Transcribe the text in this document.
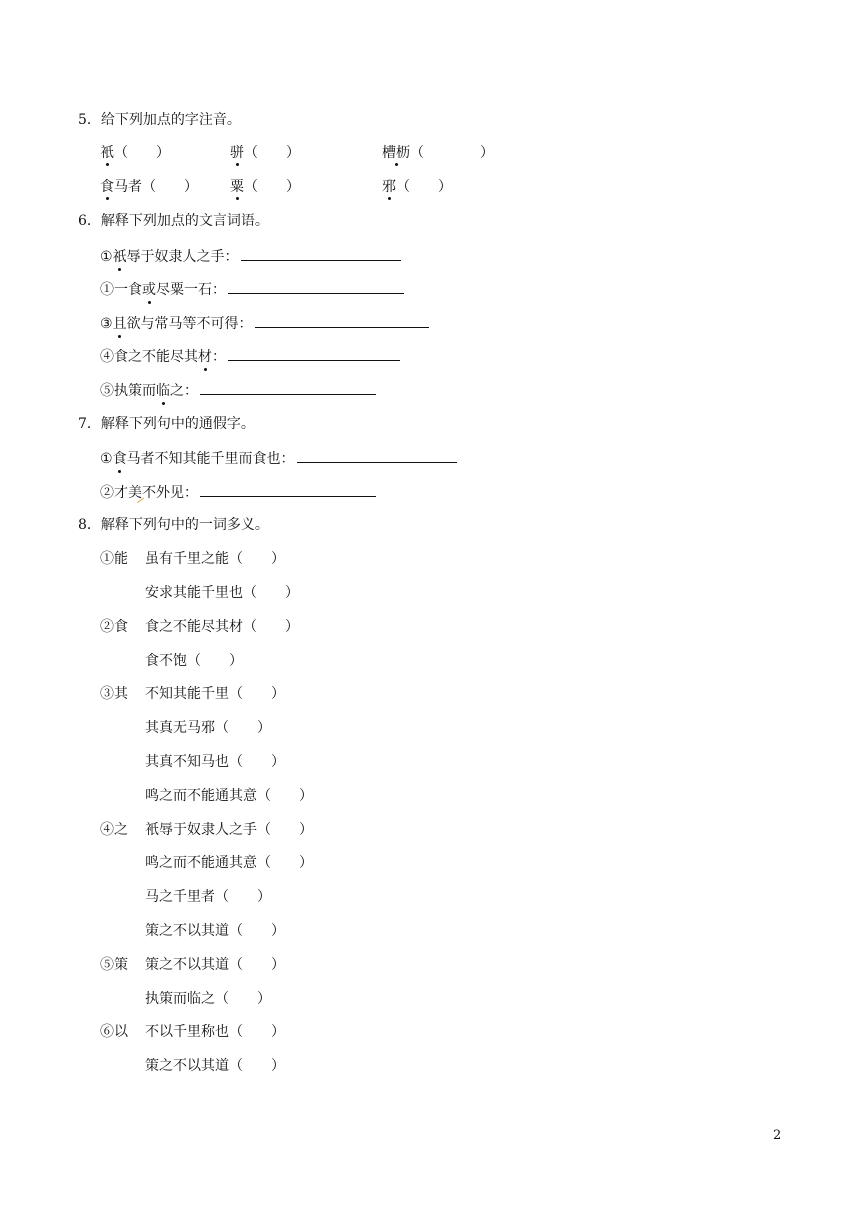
5．给下列加点的字注音。
衹（　　）	骈（　　）	槽枥（　　　　）
食马者（　　） 粟（　　）	邪（　　）
6．解释下列加点的文言词语。
①祇辱于奴隶人之手：
①一食或尽粟一石：
③且欲与常马等不可得：
④食之不能尽其材：
⑤执策而临之：
7．解释下列句中的通假字。
①食马者不知其能千里而食也：
②才美不外见：
8．解释下列句中的一词多义。
①能 虽有千里之能（　　）
安求其能千里也（　　）
②食 食之不能尽其材（　　）
食不饱（　　）
③其 不知其能千里（　　）
其真无马邪（　　）
其真不知马也（　　）
鸣之而不能通其意（　　）
④之 衹辱于奴隶人之手（　　）
鸣之而不能通其意（　　）
马之千里者（　　）
策之不以其道（　　）
⑤策 策之不以其道（　　）
执策而临之（　　）
⑥以 不以千里称也（　　）
策之不以其道（　　）
2
